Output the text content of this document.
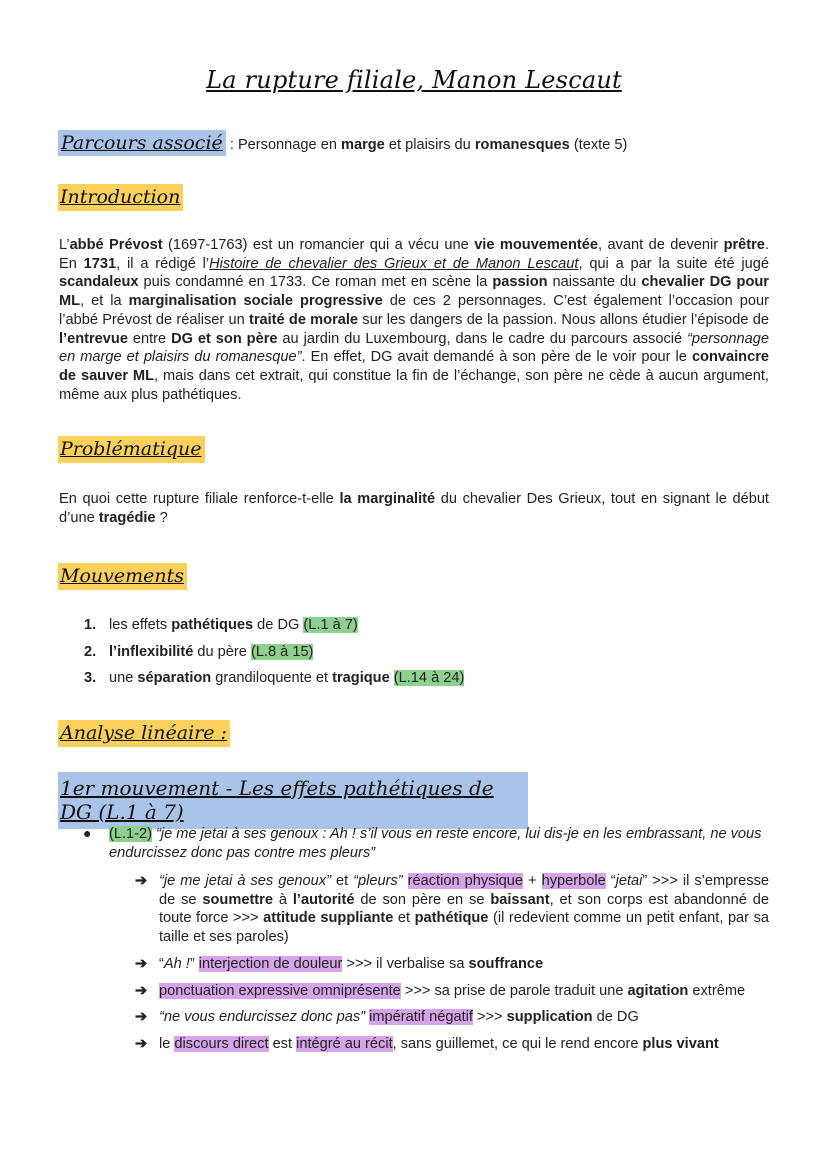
La rupture filiale, Manon Lescaut
Parcours associé : Personnage en marge et plaisirs du romanesques (texte 5)
Introduction

L’abbé Prévost (1697-1763) est un romancier qui a vécu une vie mouvementée, avant de devenir prêtre. En 1731, il a rédigé l’Histoire de chevalier des Grieux et de Manon Lescaut, qui a par la suite été jugé scandaleux puis condamné en 1733. Ce roman met en scène la passion naissante du chevalier DG pour ML, et la marginalisation sociale progressive de ces 2 personnages. C’est également l’occasion pour l’abbé Prévost de réaliser un traité de morale sur les dangers de la passion. Nous allons étudier l’épisode de l’entrevue entre DG et son père au jardin du Luxembourg, dans le cadre du parcours associé “personnage en marge et plaisirs du romanesque”. En effet, DG avait demandé à son père de le voir pour le convaincre de sauver ML, mais dans cet extrait, qui constitue la fin de l’échange, son père ne cède à aucun argument, même aux plus pathétiques.

Problématique

En quoi cette rupture filiale renforce-t-elle la marginalité du chevalier Des Grieux, tout en signant le début d’une tragédie ?

Mouvements
1. les effets pathétiques de DG (L.1 à 7)
2. l’inflexibilité du père (L.8 à 15)
3. une séparation grandiloquente et tragique (L.14 à 24)
Analyse linéaire :
1er mouvement - Les effets pathétiques de DG (L.1 à 7)
●	(L.1-2) “je me jetai à ses genoux : Ah ! s’il vous en reste encore, lui dis-je en les embrassant, ne vous endurcissez donc pas contre mes pleurs”
➔ “je me jetai à ses genoux” et “pleurs” réaction physique + hyperbole “jetai” >>> il s’empresse de se soumettre à l’autorité de son père en se baissant, et son corps est abandonné de toute force >>> attitude suppliante et pathétique (il redevient comme un petit enfant, par sa taille et ses paroles)
➔ “Ah !” interjection de douleur >>> il verbalise sa souffrance
➔ ponctuation expressive omniprésente >>> sa prise de parole traduit une agitation extrême
➔ “ne vous endurcissez donc pas” impératif négatif >>> supplication de DG
➔ le discours direct est intégré au récit, sans guillemet, ce qui le rend encore plus vivant
